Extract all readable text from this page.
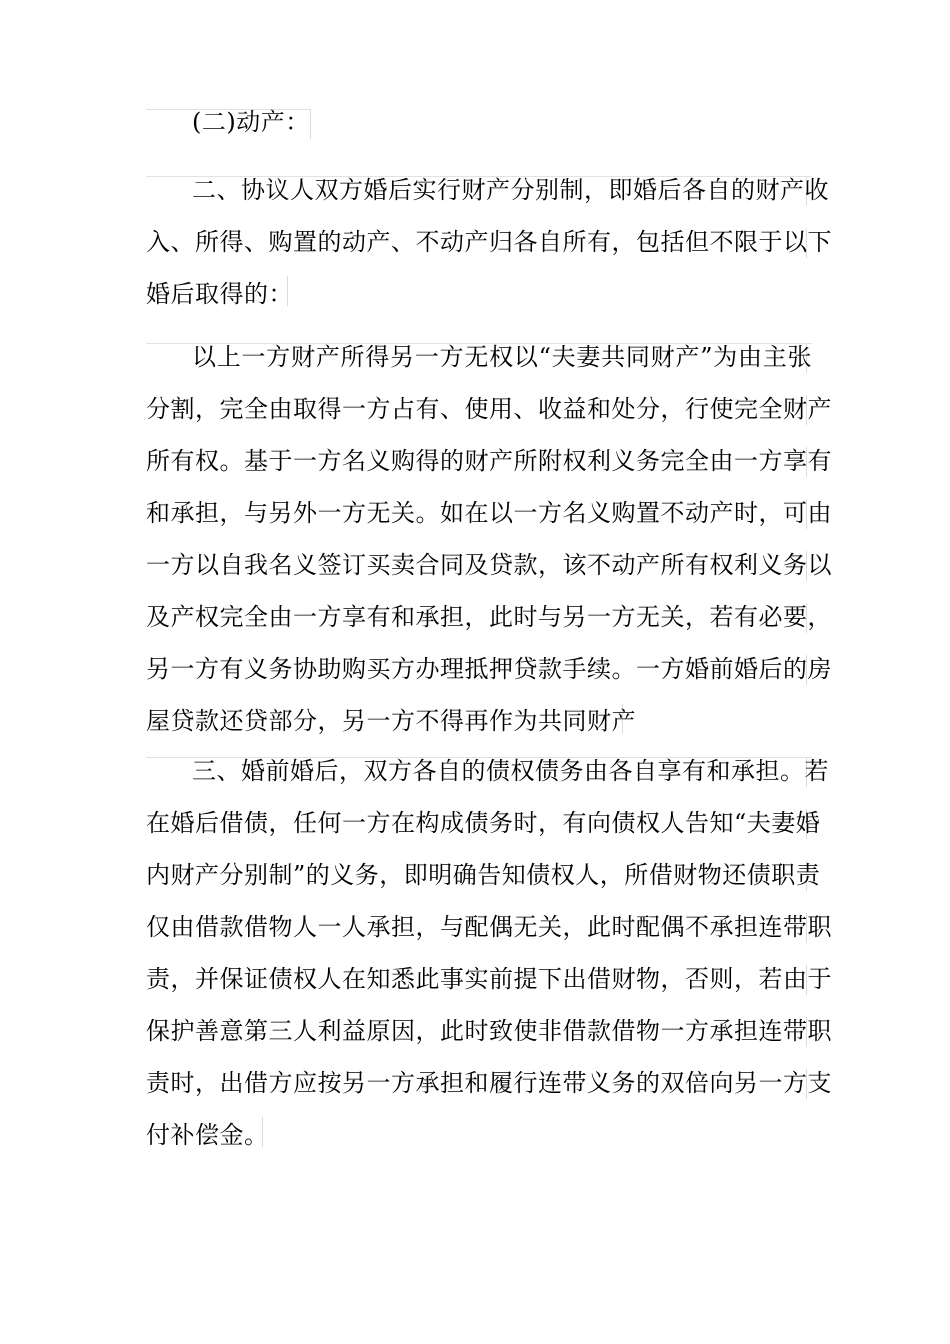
(二)动产：
二、协议人双方婚后实行财产分别制，即婚后各自的财产收
入、所得、购置的动产、不动产归各自所有，包括但不限于以下
婚后取得的：
以上一方财产所得另一方无权以“夫妻共同财产”为由主张
分割，完全由取得一方占有、使用、收益和处分，行使完全财产
所有权。基于一方名义购得的财产所附权利义务完全由一方享有
和承担，与另外一方无关。如在以一方名义购置不动产时，可由
一方以自我名义签订买卖合同及贷款，该不动产所有权利义务以
及产权完全由一方享有和承担，此时与另一方无关，若有必要，
另一方有义务协助购买方办理抵押贷款手续。一方婚前婚后的房
屋贷款还贷部分，另一方不得再作为共同财产
三、婚前婚后，双方各自的债权债务由各自享有和承担。若
在婚后借债，任何一方在构成债务时，有向债权人告知“夫妻婚
内财产分别制”的义务，即明确告知债权人，所借财物还债职责
仅由借款借物人一人承担，与配偶无关，此时配偶不承担连带职
责，并保证债权人在知悉此事实前提下出借财物，否则，若由于
保护善意第三人利益原因，此时致使非借款借物一方承担连带职
责时，出借方应按另一方承担和履行连带义务的双倍向另一方支
付补偿金。
